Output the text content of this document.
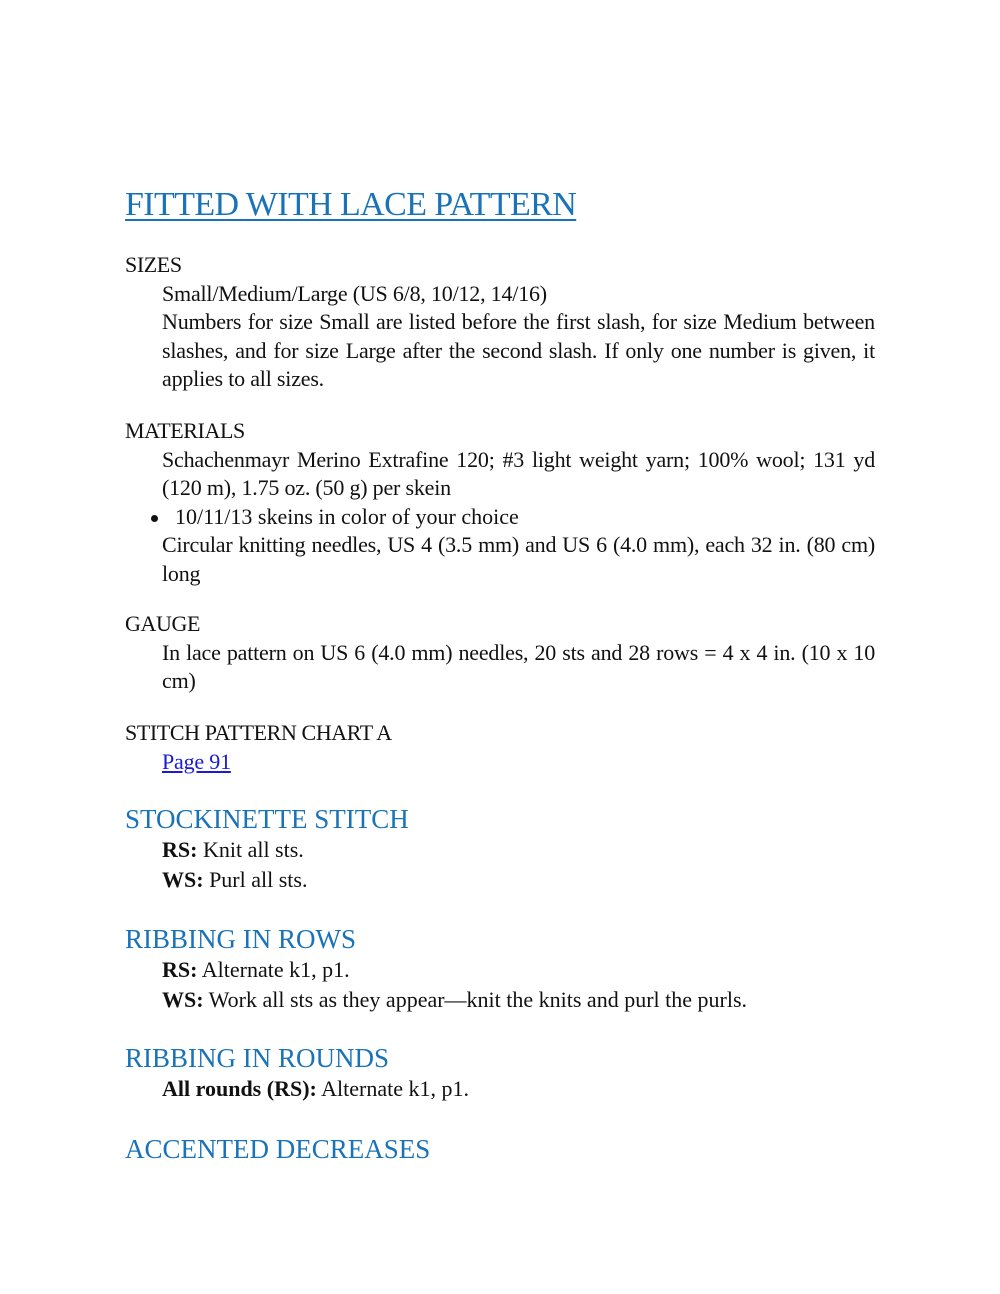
FITTED WITH LACE PATTERN
SIZES
Small/Medium/Large (US 6/8, 10/12, 14/16)
Numbers for size Small are listed before the first slash, for size Medium between slashes, and for size Large after the second slash. If only one number is given, it applies to all sizes.
MATERIALS
Schachenmayr Merino Extrafine 120; #3 light weight yarn; 100% wool; 131 yd (120 m), 1.75 oz. (50 g) per skein
10/11/13 skeins in color of your choice
Circular knitting needles, US 4 (3.5 mm) and US 6 (4.0 mm), each 32 in. (80 cm) long
GAUGE
In lace pattern on US 6 (4.0 mm) needles, 20 sts and 28 rows = 4 x 4 in. (10 x 10 cm)
STITCH PATTERN CHART A
Page 91
STOCKINETTE STITCH
RS: Knit all sts.
WS: Purl all sts.
RIBBING IN ROWS
RS: Alternate k1, p1.
WS: Work all sts as they appear—knit the knits and purl the purls.
RIBBING IN ROUNDS
All rounds (RS): Alternate k1, p1.
ACCENTED DECREASES
